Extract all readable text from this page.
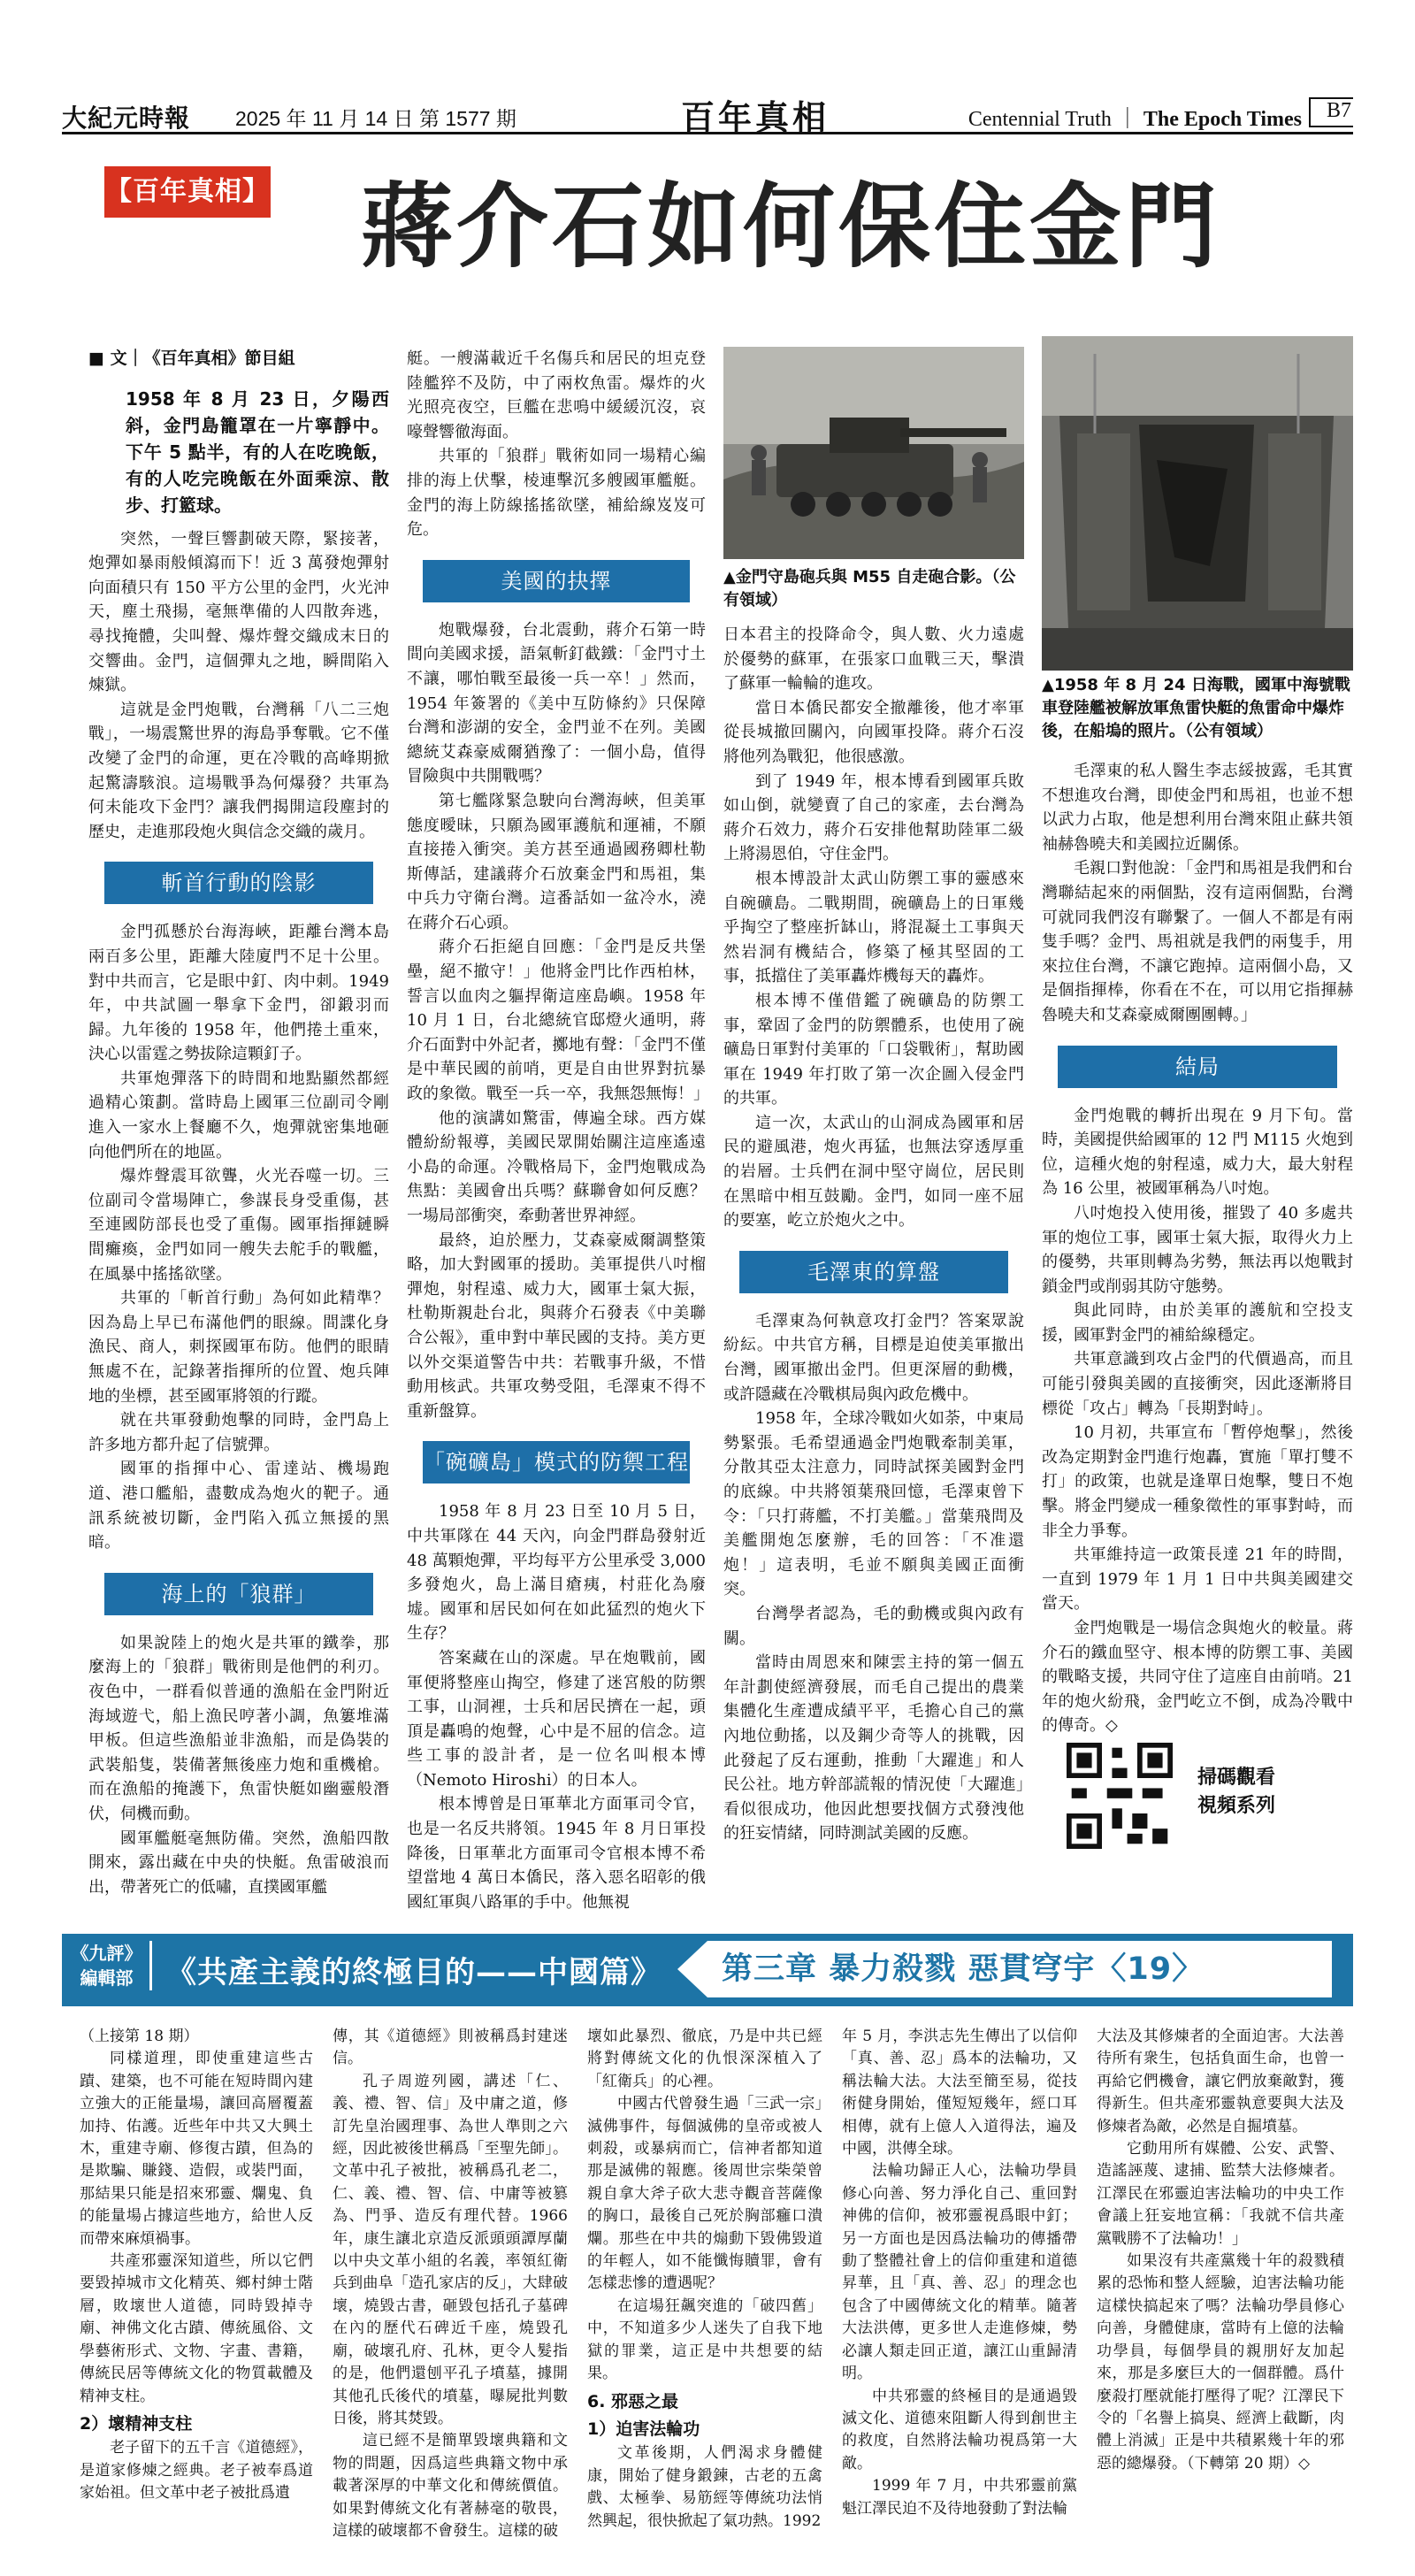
大紀元時報 2025 年 11 月 14 日 第 1577 期	百年真相	Centennial Truth ｜ The Epoch Times	B7
【百年真相】 蔣介石如何保住金門

■ 文｜《百年真相》節目組

1958 年 8 月 23 日，夕陽西斜，金門島籠罩在一片寧靜中。下午 5 點半，有的人在吃晚飯，有的人吃完晚飯在外面乘涼、散步、打籃球。

突然，一聲巨響劃破天際，緊接著，炮彈如暴雨般傾瀉而下！近 3 萬發炮彈射向面積只有 150 平方公里的金門，火光沖天，塵土飛揚，毫無準備的人四散奔逃，尋找掩體，尖叫聲、爆炸聲交織成末日的交響曲。金門，這個彈丸之地，瞬間陷入煉獄。

這就是金門炮戰，台灣稱「八二三炮戰」，一場震驚世界的海島爭奪戰。它不僅改變了金門的命運，更在冷戰的高峰期掀起驚濤駭浪。這場戰爭為何爆發？共軍為何未能攻下金門？讓我們揭開這段塵封的歷史，走進那段炮火與信念交織的歲月。

斬首行動的陰影

金門孤懸於台海海峽，距離台灣本島兩百多公里，距離大陸廈門不足十公里。對中共而言，它是眼中釘、肉中刺。1949 年，中共試圖一舉拿下金門，卻鍛羽而歸。九年後的 1958 年，他們捲土重來，決心以雷霆之勢拔除這顆釘子。

共軍炮彈落下的時間和地點顯然都經過精心策劃。當時島上國軍三位副司令剛進入一家水上餐廳不久，炮彈就密集地砸向他們所在的地區。

爆炸聲震耳欲聾，火光吞噬一切。三位副司令當場陣亡，參謀長身受重傷，甚至連國防部長也受了重傷。國軍指揮鏈瞬間癱瘓，金門如同一艘失去舵手的戰艦，在風暴中搖搖欲墜。

共軍的「斬首行動」為何如此精準？因為島上早已布滿他們的眼線。間諜化身漁民、商人，刺探國軍布防。他們的眼睛無處不在，記錄著指揮所的位置、炮兵陣地的坐標，甚至國軍將領的行蹤。

就在共軍發動炮擊的同時，金門島上許多地方都升起了信號彈。

國軍的指揮中心、雷達站、機場跑道、港口艦船，盡數成為炮火的靶子。通訊系統被切斷，金門陷入孤立無援的黑暗。

海上的「狼群」

如果說陸上的炮火是共軍的鐵拳，那麼海上的「狼群」戰術則是他們的利刃。夜色中，一群看似普通的漁船在金門附近海域遊弋，船上漁民哼著小調，魚簍堆滿甲板。但這些漁船並非漁船，而是偽裝的武裝船隻，裝備著無後座力炮和重機槍。而在漁船的掩護下，魚雷快艇如幽靈般潛伏，伺機而動。

國軍艦艇毫無防備。突然，漁船四散開來，露出藏在中央的快艇。魚雷破浪而出，帶著死亡的低嘯，直撲國軍艦

艇。一艘滿載近千名傷兵和居民的坦克登陸艦猝不及防，中了兩枚魚雷。爆炸的火光照亮夜空，巨艦在悲鳴中緩緩沉沒，哀嚎聲響徹海面。

共軍的「狼群」戰術如同一場精心編排的海上伏擊，棱連擊沉多艘國軍艦艇。金門的海上防線搖搖欲墜，補給線岌岌可危。

美國的抉擇

炮戰爆發，台北震動，蔣介石第一時間向美國求援，語氣斬釘截鐵：「金門寸土不讓，哪怕戰至最後一兵一卒！」然而，1954 年簽署的《美中互防條約》只保障台灣和澎湖的安全，金門並不在列。美國總統艾森豪威爾猶豫了：一個小島，值得冒險與中共開戰嗎？

第七艦隊緊急駛向台灣海峽，但美軍態度曖昧，只願為國軍護航和運補，不願直接捲入衝突。美方甚至通過國務卿杜勒斯傳話，建議蔣介石放棄金門和馬祖，集中兵力守衛台灣。這番話如一盆冷水，澆在蔣介石心頭。

蔣介石拒絕自回應：「金門是反共堡壘，絕不撤守！」他將金門比作西柏林，誓言以血肉之軀捍衛這座島嶼。1958 年 10 月 1 日，台北總統官邸燈火通明，蔣介石面對中外記者，擲地有聲：「金門不僅是中華民國的前哨，更是自由世界對抗暴政的象徵。戰至一兵一卒，我無怨無悔！」

他的演講如驚雷，傳遍全球。西方媒體紛紛報導，美國民眾開始關注這座遙遠小島的命運。冷戰格局下，金門炮戰成為焦點：美國會出兵嗎？蘇聯會如何反應？一場局部衝突，牽動著世界神經。

最終，迫於壓力，艾森豪威爾調整策略，加大對國軍的援助。美軍提供八吋榴彈炮，射程遠、威力大，國軍士氣大振，杜勒斯親赴台北，與蔣介石發表《中美聯合公報》，重申對中華民國的支持。美方更以外交渠道警告中共：若戰事升級，不惜動用核武。共軍攻勢受阻，毛澤東不得不重新盤算。

「碗礦島」模式的防禦工程

1958 年 8 月 23 日至 10 月 5 日，中共軍隊在 44 天內，向金門群島發射近 48 萬顆炮彈，平均每平方公里承受 3,000 多發炮火，島上滿目瘡痍，村莊化為廢墟。國軍和居民如何在如此猛烈的炮火下生存？

答案藏在山的深處。早在炮戰前，國軍便將整座山掏空，修建了迷宮般的防禦工事，山洞裡，士兵和居民擠在一起，頭頂是轟鳴的炮聲，心中是不屈的信念。這些工事的設計者，是一位名叫根本博（Nemoto Hiroshi）的日本人。

根本博曾是日軍華北方面軍司令官，也是一名反共將領。1945 年 8 月日軍投降後，日軍華北方面軍司令官根本博不希望當地 4 萬日本僑民，落入惡名昭彰的俄國紅軍與八路軍的手中。他無視

▲金門守島砲兵與 M55 自走砲合影。（公有領域）

日本君主的投降命令，與人數、火力遠處於優勢的蘇軍，在張家口血戰三天，擊潰了蘇軍一輪輪的進攻。

當日本僑民都安全撤離後，他才率軍從長城撤回關內，向國軍投降。蔣介石沒將他列為戰犯，他很感激。

到了 1949 年，根本博看到國軍兵敗如山倒，就變賣了自己的家產，去台灣為蔣介石效力，蔣介石安排他幫助陸軍二級上將湯恩伯，守住金門。

根本博設計太武山防禦工事的靈感來自碗礦島。二戰期間，碗礦島上的日軍幾乎掏空了整座折缽山，將混凝土工事與天然岩洞有機結合，修築了極其堅固的工事，抵擋住了美軍轟炸機每天的轟炸。

根本博不僅借鑑了碗礦島的防禦工事，鞏固了金門的防禦體系，也使用了碗礦島日軍對付美軍的「口袋戰術」，幫助國軍在 1949 年打敗了第一次企圖入侵金門的共軍。

這一次，太武山的山洞成為國軍和居民的避風港，炮火再猛，也無法穿透厚重的岩層。士兵們在洞中堅守崗位，居民則在黑暗中相互鼓勵。金門，如同一座不屈的要塞，屹立於炮火之中。

毛澤東的算盤

毛澤東為何執意攻打金門？答案眾說紛紜。中共官方稱，目標是迫使美軍撤出台灣，國軍撤出金門。但更深層的動機，或許隱藏在冷戰棋局與內政危機中。

1958 年，全球冷戰如火如荼，中東局勢緊張。毛希望通過金門炮戰牽制美軍，分散其亞太注意力，同時試探美國對金門的底線。中共將領葉飛回憶，毛澤東曾下令：「只打蔣艦，不打美艦。」當葉飛問及美艦開炮怎麼辦，毛的回答：「不准還炮！」這表明，毛並不願與美國正面衝突。

台灣學者認為，毛的動機或與內政有關。

當時由周恩來和陳雲主持的第一個五年計劃使經濟發展，而毛自己提出的農業集體化生產遭成績平平，毛擔心自己的黨內地位動搖，以及鋼少奇等人的挑戰，因此發起了反右運動，推動「大躍進」和人民公社。地方幹部謊報的情況使「大躍進」看似很成功，他因此想要找個方式發洩他的狂妄情緒，同時測試美國的反應。

▲1958 年 8 月 24 日海戰，國軍中海號戰車登陸艦被解放軍魚雷快艇的魚雷命中爆炸後，在船塢的照片。（公有領域）

毛澤東的私人醫生李志綏披露，毛其實不想進攻台灣，即使金門和馬祖，也並不想以武力占取，他是想利用台灣來阻止蘇共領袖赫魯曉夫和美國拉近關係。

毛親口對他說：「金門和馬祖是我們和台灣聯結起來的兩個點，沒有這兩個點，台灣可就同我們沒有聯繫了。一個人不都是有兩隻手嗎？金門、馬祖就是我們的兩隻手，用來拉住台灣，不讓它跑掉。這兩個小島，又是個指揮棒，你看在不在，可以用它指揮赫魯曉夫和艾森豪威爾團團轉。」

結局

金門炮戰的轉折出現在 9 月下旬。當時，美國提供給國軍的 12 門 M115 火炮到位，這種火炮的射程遠，威力大，最大射程為 16 公里，被國軍稱為八吋炮。

八吋炮投入使用後，摧毀了 40 多處共軍的炮位工事，國軍士氣大振，取得火力上的優勢，共軍則轉為劣勢，無法再以炮戰封鎖金門或削弱其防守態勢。

與此同時，由於美軍的護航和空投支援，國軍對金門的補給線穩定。

共軍意識到攻占金門的代價過高，而且可能引發與美國的直接衝突，因此逐漸將目標從「攻占」轉為「長期對峙」。

10 月初，共軍宣布「暫停炮擊」，然後改為定期對金門進行炮轟，實施「單打雙不打」的政策，也就是逢單日炮擊，雙日不炮擊。將金門變成一種象徵性的軍事對峙，而非全力爭奪。

共軍維持這一政策長達 21 年的時間，一直到 1979 年 1 月 1 日中共與美國建交當天。

金門炮戰是一場信念與炮火的較量。蔣介石的鐵血堅守、根本博的防禦工事、美國的戰略支援，共同守住了這座自由前哨。21 年的炮火紛飛，金門屹立不倒，成為冷戰中的傳奇。◇

掃碼觀看
視頻系列
《九評》
編輯部	《共產主義的終極目的——中國篇》	第三章 暴力殺戮 惡貫穹宇〈19〉

（上接第 18 期）

同樣道理，即使重建這些古蹟、建築，也不可能在短時間內建立強大的正能量場，讓回高層覆蓋加持、佑護。近些年中共又大興土木，重建寺廟、修復古蹟，但為的是欺騙、賺錢、造假，或裝門面，那結果只能是招來邪靈、爛鬼、負的能量場占據這些地方，給世人反而帶來麻煩禍事。

共產邪靈深知道些，所以它們要毀掉城市文化精英、鄉村紳士階層，敗壞世人道德，同時毀掉寺廟、神佛文化古蹟、傳統風俗、文學藝術形式、文物、字畫、書籍，傳統民居等傳統文化的物質載體及精神支柱。

2）壞精神支柱

老子留下的五千言《道德經》，是道家修煉之經典。老子被奉爲道家始祖。但文革中老子被批爲遺

傳，其《道德經》則被稱爲封建迷信。

孔子周遊列國，講述「仁、義、禮、智、信」及中庸之道，修訂先皇治國理事、為世人準則之六經，因此被後世稱爲「至聖先師」。文革中孔子被批，被稱爲孔老二，仁、義、禮、智、信、中庸等被篡為、門爭、造反有理代替。1966 年，康生讓北京造反派頭頭譚厚蘭以中央文革小組的名義，率領紅衛兵到曲阜「造孔家店的反」，大肆破壞，燒毀古書，砸毀包括孔子墓碑在內的歷代石碑近千座，燒毀孔廟，破壞孔府、孔林，更令人髮指的是，他們還刨平孔子墳墓，據開其他孔氏後代的墳墓，曝屍批判數日後，將其焚毀。

這已經不是簡單毀壞典籍和文物的問題，因爲這些典籍文物中承載著深厚的中華文化和傳統價值。如果對傳統文化有著赫毫的敬畏，這樣的破壞都不會發生。這樣的破

壞如此暴烈、徹底，乃是中共已經將對傳統文化的仇恨深深植入了「紅衛兵」的心裡。

中國古代曾發生過「三武一宗」滅佛事件，每個滅佛的皇帝或被人刺殺，或暴病而亡，信神者都知道那是滅佛的報應。後周世宗柴榮曾親自拿大斧子砍大悲寺觀音菩薩像的胸口，最後自己死於胸部癰口潰爛。那些在中共的煽動下毀佛毀道的年輕人，如不能懺悔贖罪，會有怎樣悲慘的遭遇呢？

在這場狂飆突進的「破四舊」中，不知道多少人迷失了自我下地獄的罪業，這正是中共想要的結果。

6. 邪惡之最

1）迫害法輪功

文革後期，人們渴求身體健康，開始了健身鍛鍊，古老的五禽戲、太極拳、易筋經等傳統功法悄然興起，很快掀起了氣功熱。1992

年 5 月，李洪志先生傳出了以信仰「真、善、忍」爲本的法輪功，又稱法輪大法。大法至簡至易，從技術健身開始，僅短短幾年，經口耳相傳，就有上億人入道得法，遍及中國，洪傳全球。

法輪功歸正人心，法輪功學員修心向善、努力淨化自己、重回對神佛的信仰，被邪靈視爲眼中釘；另一方面也是因爲法輪功的傳播帶動了整體社會上的信仰重建和道德昇華，且「真、善、忍」的理念也包含了中國傳統文化的精華。隨著大法洪傳，更多世人走進修煉，勢必讓人類走回正道，讓江山重歸清明。

中共邪靈的終極目的是通過毀滅文化、道德來阻斷人得到創世主的救度，自然將法輪功視爲第一大敵。

1999 年 7 月，中共邪靈前黨魁江澤民迫不及待地發動了對法輪

大法及其修煉者的全面迫害。大法善待所有衆生，包括負面生命，也曾一再給它們機會，讓它們放棄敵對，獲得新生。但共產邪靈執意要與大法及修煉者為敵，必然是自掘墳墓。

它動用所有媒體、公安、武警、造謠誣蔑、逮捕、監禁大法修煉者。江澤民在邪靈迫害法輪功的中央工作會議上狂妄地宣稱：「我就不信共產黨戰勝不了法輪功！」

如果沒有共產黨幾十年的殺戮積累的恐怖和整人經驗，迫害法輪功能這樣快搞起來了嗎？法輪功學員修心向善，身體健康，當時有上億的法輪功學員，每個學員的親朋好友加起來，那是多麼巨大的一個群體。爲什麼殺打壓就能打壓得了呢？江澤民下令的「名譽上搞臭、經濟上截斷，肉體上消滅」正是中共積累幾十年的邪惡的總爆發。（下轉第 20 期）◇
